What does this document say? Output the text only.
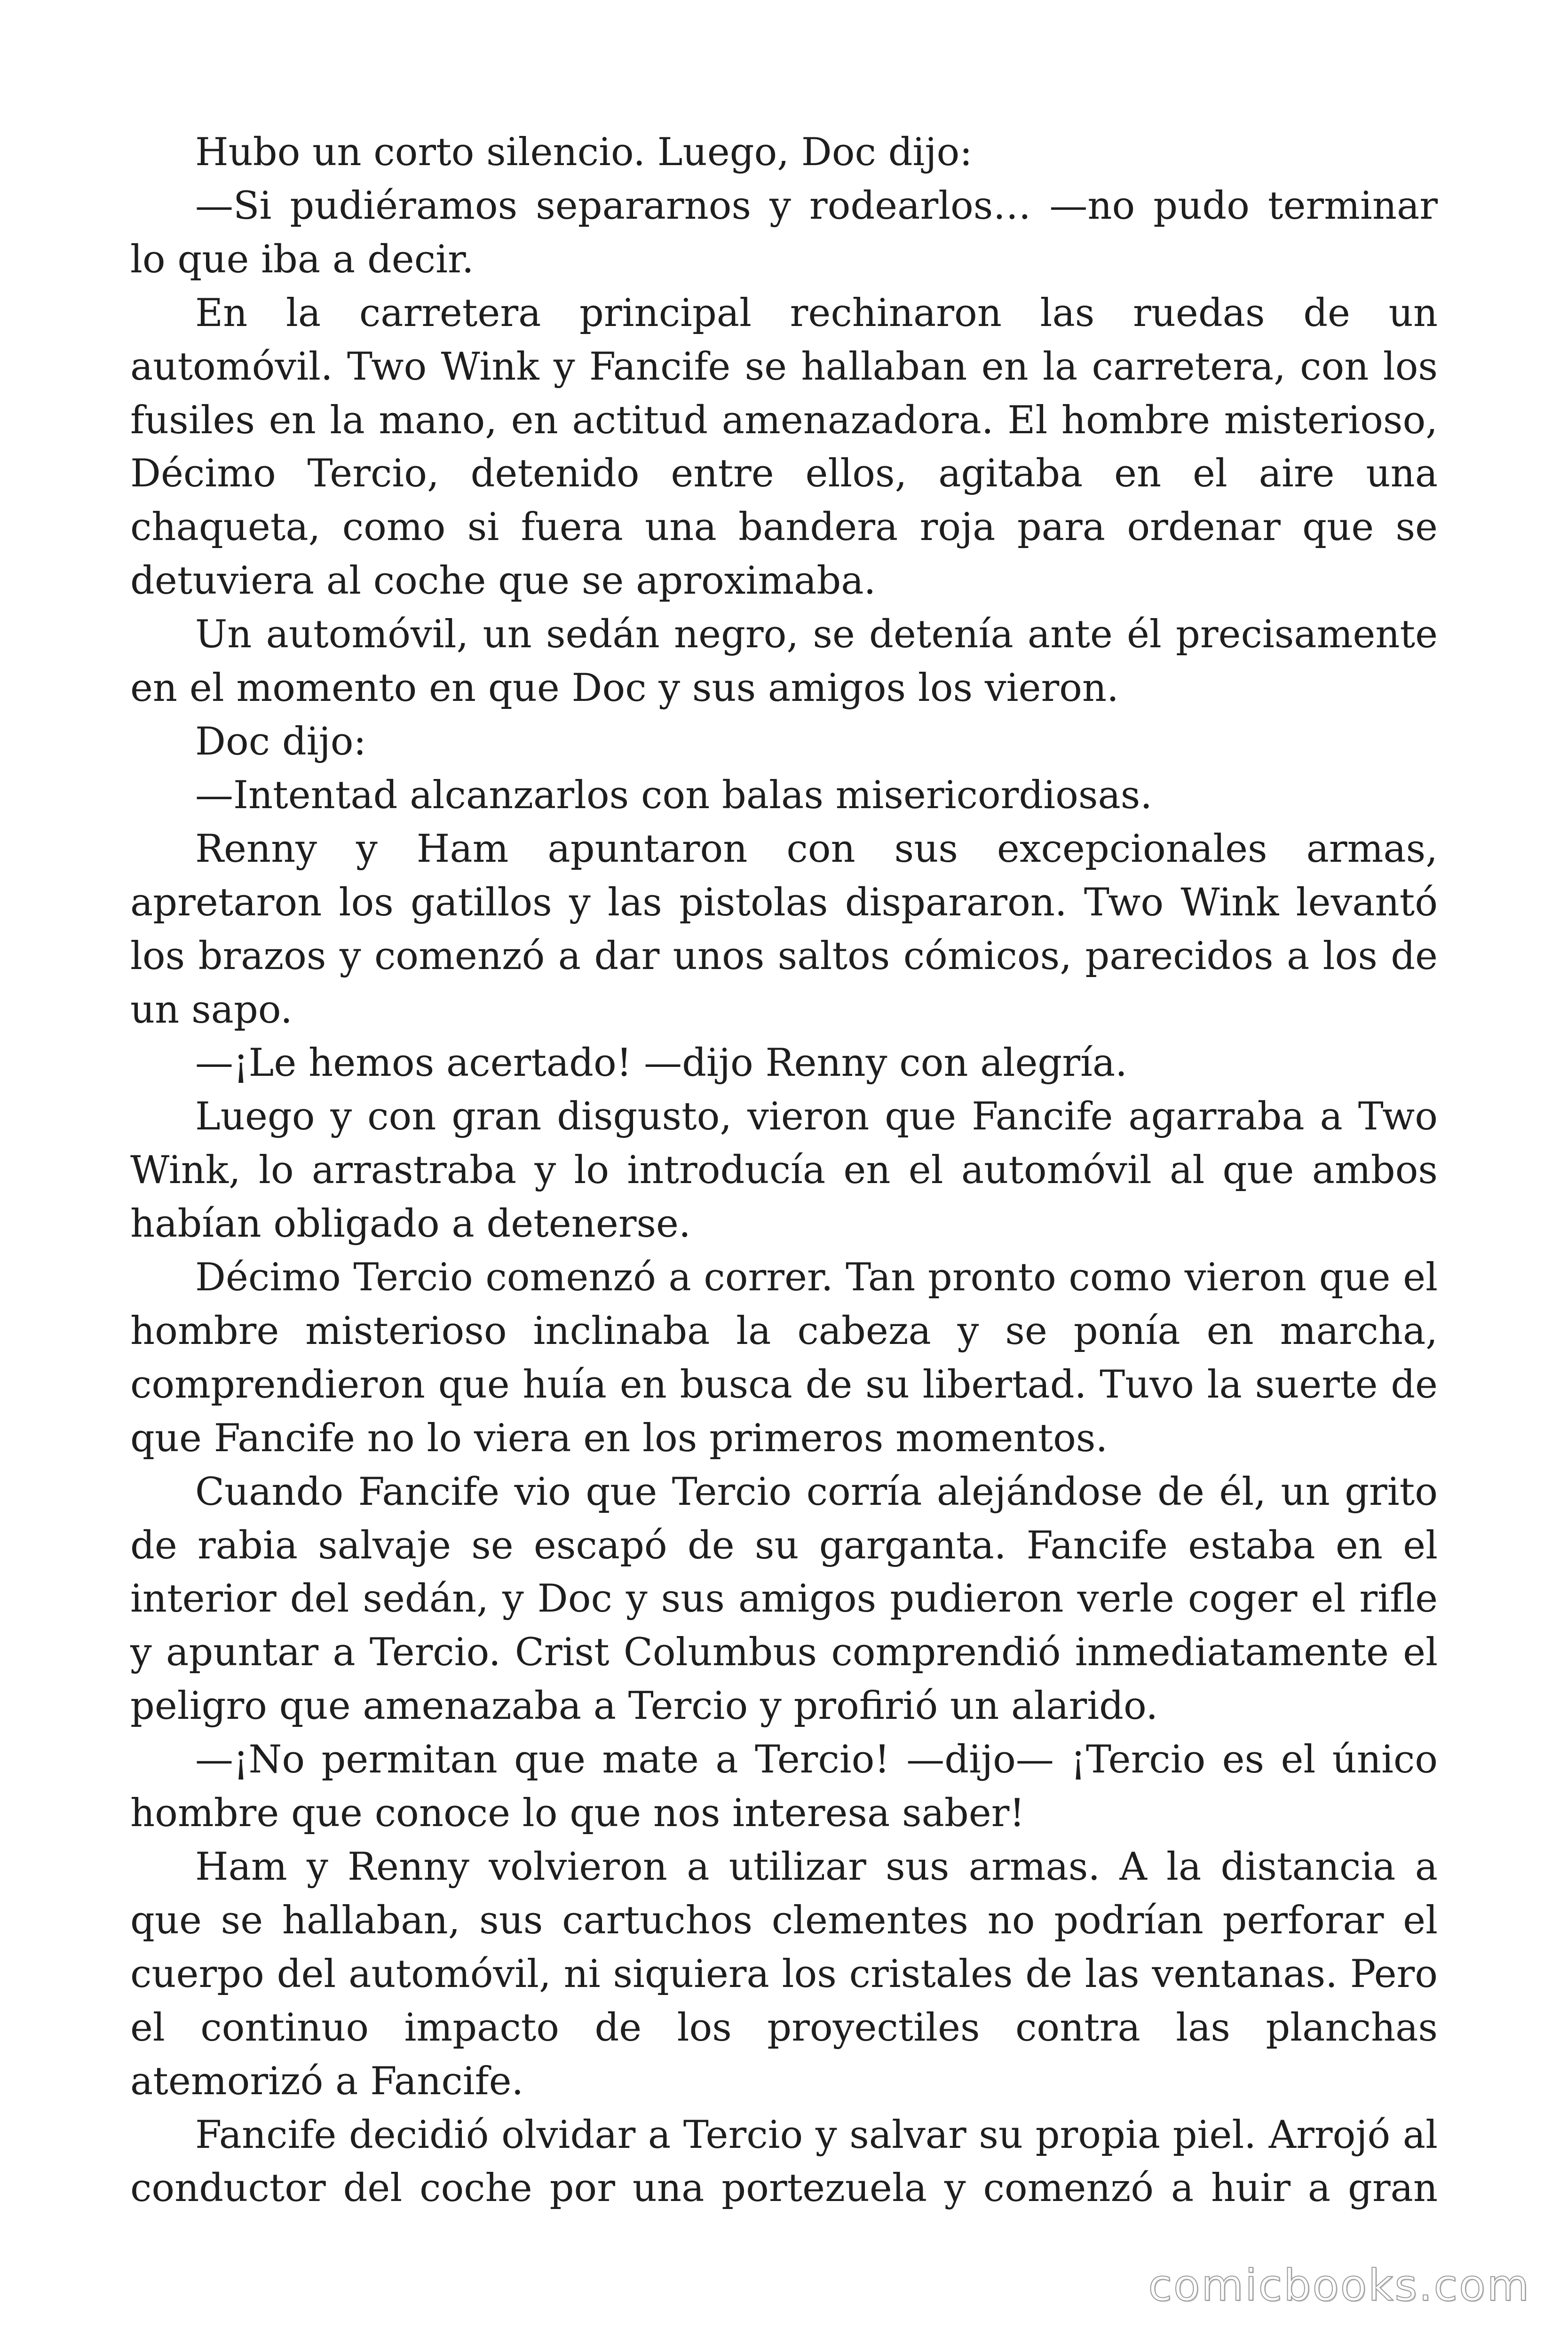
Hubo un corto silencio. Luego, Doc dijo:

—Si pudiéramos separarnos y rodearlos… —no pudo terminar lo que iba a decir.

En la carretera principal rechinaron las ruedas de un automóvil. Two Wink y Fancife se hallaban en la carretera, con los fusiles en la mano, en actitud amenazadora. El hombre misterioso, Décimo Tercio, detenido entre ellos, agitaba en el aire una chaqueta, como si fuera una bandera roja para ordenar que se detuviera al coche que se aproximaba.

Un automóvil, un sedán negro, se detenía ante él precisamente en el momento en que Doc y sus amigos los vieron.

Doc dijo:

—Intentad alcanzarlos con balas misericordiosas.

Renny y Ham apuntaron con sus excepcionales armas, apretaron los gatillos y las pistolas dispararon. Two Wink levantó los brazos y comenzó a dar unos saltos cómicos, parecidos a los de un sapo.

—¡Le hemos acertado! —dijo Renny con alegría.

Luego y con gran disgusto, vieron que Fancife agarraba a Two Wink, lo arrastraba y lo introducía en el automóvil al que ambos habían obligado a detenerse.

Décimo Tercio comenzó a correr. Tan pronto como vieron que el hombre misterioso inclinaba la cabeza y se ponía en marcha, comprendieron que huía en busca de su libertad. Tuvo la suerte de que Fancife no lo viera en los primeros momentos.

Cuando Fancife vio que Tercio corría alejándose de él, un grito de rabia salvaje se escapó de su garganta. Fancife estaba en el interior del sedán, y Doc y sus amigos pudieron verle coger el rifle y apuntar a Tercio. Crist Columbus comprendió inmediatamente el peligro que amenazaba a Tercio y profirió un alarido.

—¡No permitan que mate a Tercio! —dijo— ¡Tercio es el único hombre que conoce lo que nos interesa saber!

Ham y Renny volvieron a utilizar sus armas. A la distancia a que se hallaban, sus cartuchos clementes no podrían perforar el cuerpo del automóvil, ni siquiera los cristales de las ventanas. Pero el continuo impacto de los proyectiles contra las planchas atemorizó a Fancife.

Fancife decidió olvidar a Tercio y salvar su propia piel. Arrojó al conductor del coche por una portezuela y comenzó a huir a gran

comicbooks.com
